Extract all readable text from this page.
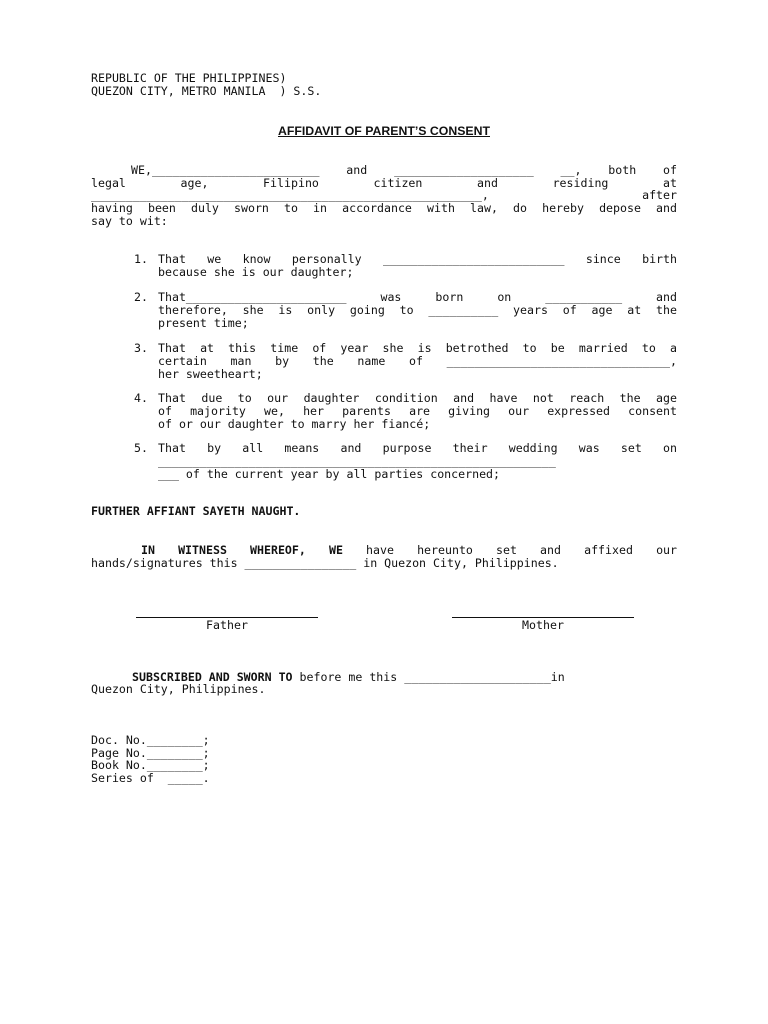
REPUBLIC OF THE PHILIPPINES)
QUEZON CITY, METRO MANILA  ) S.S.
AFFIDAVIT OF PARENT’S CONSENT
WE,________________________ and ____________________ __, both of
legal age, Filipino citizen and residing at
________________________________________________________, after
having been duly sworn to in accordance with law, do hereby depose and
say to wit:
1. That we know personally __________________________ since birth
because she is our daughter;
2. That_______________________ was born on ___________ and
therefore, she is only going to __________ years of age at the
present time;
3. That at this time of year she is betrothed to be married to a
certain man by the name of ________________________________,
her sweetheart;
4. That due to our daughter condition and have not reach the age
of majority we, her parents are giving our expressed consent
of or our daughter to marry her fiancé;
5. That by all means and purpose their wedding was set on
_________________________________________________________
___ of the current year by all parties concerned;
FURTHER AFFIANT SAYETH NAUGHT.
IN WITNESS WHEREOF, WE have hereunto set and affixed our
hands/signatures this ________________ in Quezon City, Philippines.
Father	Mother
SUBSCRIBED AND SWORN TO before me this _____________________in
Quezon City, Philippines.
Doc. No.________;
Page No.________;
Book No.________;
Series of  _____.
